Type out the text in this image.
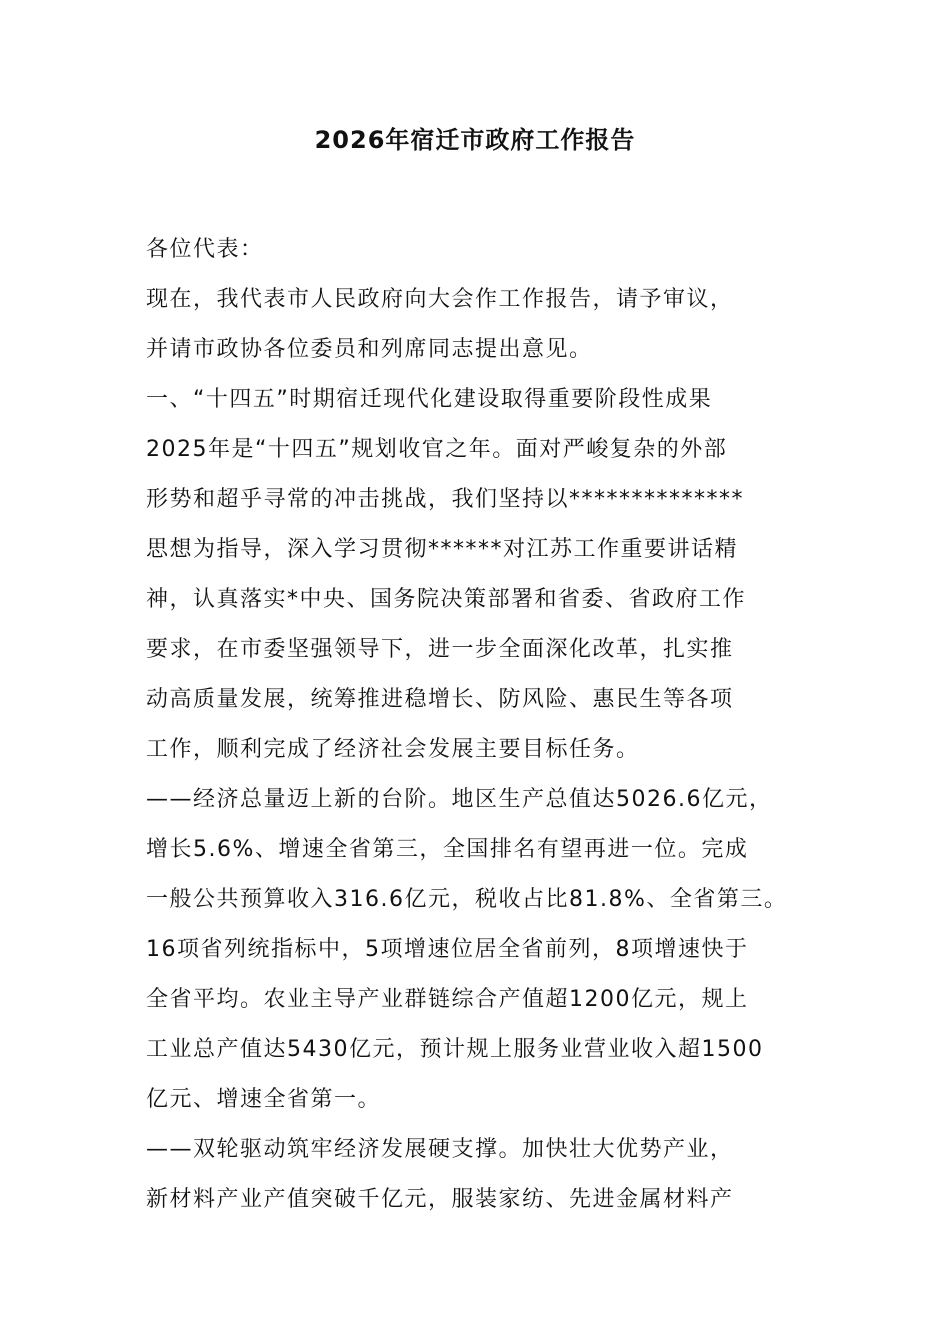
2026年宿迁市政府工作报告
各位代表：
现在，我代表市人民政府向大会作工作报告，请予审议，
并请市政协各位委员和列席同志提出意见。
一、“十四五”时期宿迁现代化建设取得重要阶段性成果
2025年是“十四五”规划收官之年。面对严峻复杂的外部
形势和超乎寻常的冲击挑战，我们坚持以**************
思想为指导，深入学习贯彻******对江苏工作重要讲话精
神，认真落实*中央、国务院决策部署和省委、省政府工作
要求，在市委坚强领导下，进一步全面深化改革，扎实推
动高质量发展，统筹推进稳增长、防风险、惠民生等各项
工作，顺利完成了经济社会发展主要目标任务。
——经济总量迈上新的台阶。地区生产总值达5026.6亿元，
增长5.6%、增速全省第三，全国排名有望再进一位。完成
一般公共预算收入316.6亿元，税收占比81.8%、全省第三。
16项省列统指标中，5项增速位居全省前列，8项增速快于
全省平均。农业主导产业群链综合产值超1200亿元，规上
工业总产值达5430亿元，预计规上服务业营业收入超1500
亿元、增速全省第一。
——双轮驱动筑牢经济发展硬支撑。加快壮大优势产业，
新材料产业产值突破千亿元，服装家纺、先进金属材料产
